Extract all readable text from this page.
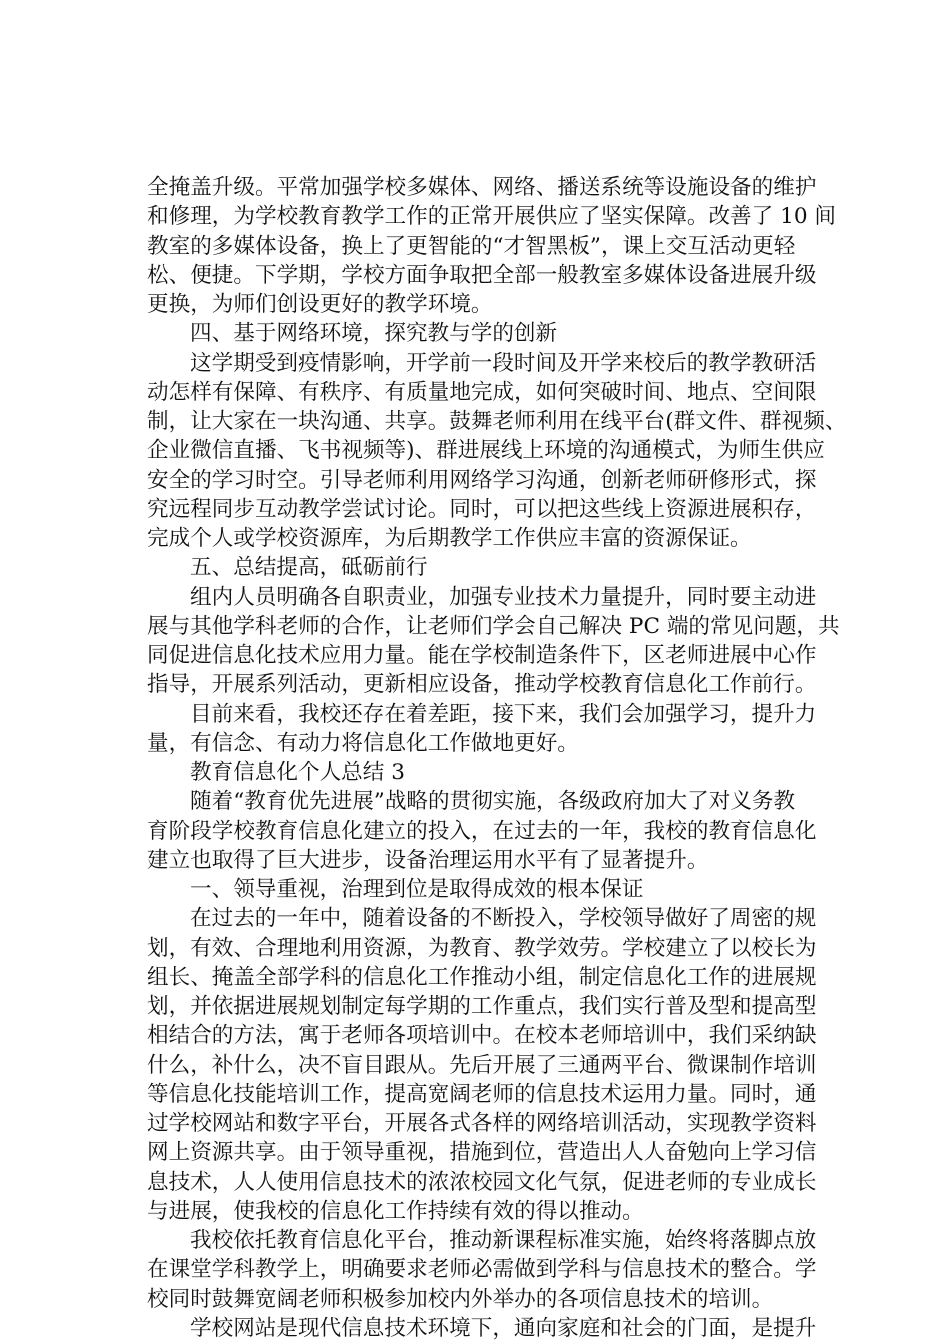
全掩盖升级。平常加强学校多媒体、网络、播送系统等设施设备的维护
和修理，为学校教育教学工作的正常开展供应了坚实保障。改善了 10 间
教室的多媒体设备，换上了更智能的“才智黑板”，课上交互活动更轻
松、便捷。下学期，学校方面争取把全部一般教室多媒体设备进展升级
更换，为师们创设更好的教学环境。
四、基于网络环境，探究教与学的创新
这学期受到疫情影响，开学前一段时间及开学来校后的教学教研活
动怎样有保障、有秩序、有质量地完成，如何突破时间、地点、空间限
制，让大家在一块沟通、共享。鼓舞老师利用在线平台(群文件、群视频、
企业微信直播、飞书视频等)、群进展线上环境的沟通模式，为师生供应
安全的学习时空。引导老师利用网络学习沟通，创新老师研修形式，探
究远程同步互动教学尝试讨论。同时，可以把这些线上资源进展积存，
完成个人或学校资源库，为后期教学工作供应丰富的资源保证。
五、总结提高，砥砺前行
组内人员明确各自职责业，加强专业技术力量提升，同时要主动进
展与其他学科老师的合作，让老师们学会自己解决 PC 端的常见问题，共
同促进信息化技术应用力量。能在学校制造条件下，区老师进展中心作
指导，开展系列活动，更新相应设备，推动学校教育信息化工作前行。
目前来看，我校还存在着差距，接下来，我们会加强学习，提升力
量，有信念、有动力将信息化工作做地更好。
教育信息化个人总结 3
随着“教育优先进展”战略的贯彻实施，各级政府加大了对义务教
育阶段学校教育信息化建立的投入，在过去的一年，我校的教育信息化
建立也取得了巨大进步，设备治理运用水平有了显著提升。
一、领导重视，治理到位是取得成效的根本保证
在过去的一年中，随着设备的不断投入，学校领导做好了周密的规
划，有效、合理地利用资源，为教育、教学效劳。学校建立了以校长为
组长、掩盖全部学科的信息化工作推动小组，制定信息化工作的进展规
划，并依据进展规划制定每学期的工作重点，我们实行普及型和提高型
相结合的方法，寓于老师各项培训中。在校本老师培训中，我们采纳缺
什么，补什么，决不盲目跟从。先后开展了三通两平台、微课制作培训
等信息化技能培训工作，提高宽阔老师的信息技术运用力量。同时，通
过学校网站和数字平台，开展各式各样的网络培训活动，实现教学资料
网上资源共享。由于领导重视，措施到位，营造出人人奋勉向上学习信
息技术，人人使用信息技术的浓浓校园文化气氛，促进老师的专业成长
与进展，使我校的信息化工作持续有效的得以推动。
我校依托教育信息化平台，推动新课程标准实施，始终将落脚点放
在课堂学科教学上，明确要求老师必需做到学科与信息技术的整合。学
校同时鼓舞宽阔老师积极参加校内外举办的各项信息技术的培训。
学校网站是现代信息技术环境下，通向家庭和社会的门面，是提升
